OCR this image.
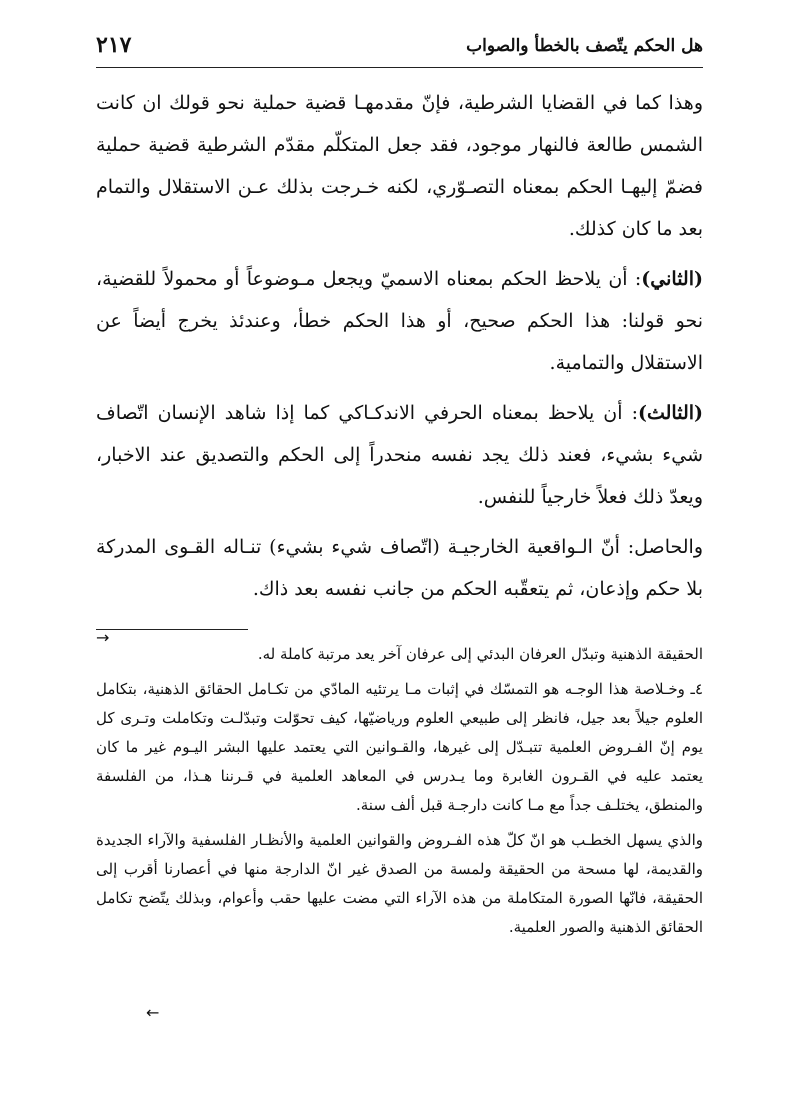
هل الحكم يتّصف بالخطأ والصواب
٢١٧

وهذا كما في القضايا الشرطية، فإنّ مقدمهـا قضية حملية نحو قولك ان كانت الشمس طالعة فالنهار موجود، فقد جعل المتكلّم مقدّم الشرطية قضية حملية فضمّ إليهـا الحكم بمعناه التصـوّري، لكنه خـرجت بذلك عـن الاستقلال والتمام بعد ما كان كذلك.

(الثاني): أن يلاحظ الحكم بمعناه الاسميّ ويجعل مـوضوعاً أو محمولاً للقضية، نحو قولنا: هذا الحكم صحيح، أو هذا الحكم خطأ، وعندئذ يخرج أيضاً عن الاستقلال والتمامية.

(الثالث): أن يلاحظ بمعناه الحرفي الاندكـاكي كما إذا شاهد الإنسان اتّصاف شيء بشيء، فعند ذلك يجد نفسه منحدراً إلى الحكم والتصديق عند الاخبار، ويعدّ ذلك فعلاً خارجياً للنفس.

والحاصل: أنّ الـواقعية الخارجيـة (اتّصاف شيء بشيء) تنـاله القـوى المدركة بلا حكم وإذعان، ثم يتعقّبه الحكم من جانب نفسه بعد ذاك.

→

الحقيقة الذهنية وتبدّل العرفان البدئي إلى عرفان آخر يعد مرتبة كاملة له.

٤ـ وخـلاصة هذا الوجـه هو التمسّك في إثبات مـا يرتئيه المادّي من تكـامل الحقائق الذهنية، بتكامل العلوم جيلاً بعد جيل، فانظر إلى طبيعي العلوم ورياضيّها، كيف تحوّلت وتبدّلـت وتكاملت وتـرى كل يوم إنّ الفـروض العلمية تتبـدّل إلى غيرها، والقـوانين التي يعتمد عليها البشر اليـوم غير ما كان يعتمد عليه في القـرون الغابرة وما يـدرس في المعاهد العلمية في قـرننا هـذا، من الفلسفة والمنطق، يختلـف جداً مع مـا كانت دارجـة قبل ألف سنة.

والذي يسهل الخطـب هو انّ كلّ هذه الفـروض والقوانين العلمية والأنظـار الفلسفية والآراء الجديدة والقديمة، لها مسحة من الحقيقة ولمسة من الصدق غير انّ الدارجة منها في أعصارنا أقرب إلى الحقيقة، فانّها الصورة المتكاملة من هذه الآراء التي مضت عليها حقب وأعوام، وبذلك يتّضح تكامل الحقائق الذهنية والصور العلمية.

←
